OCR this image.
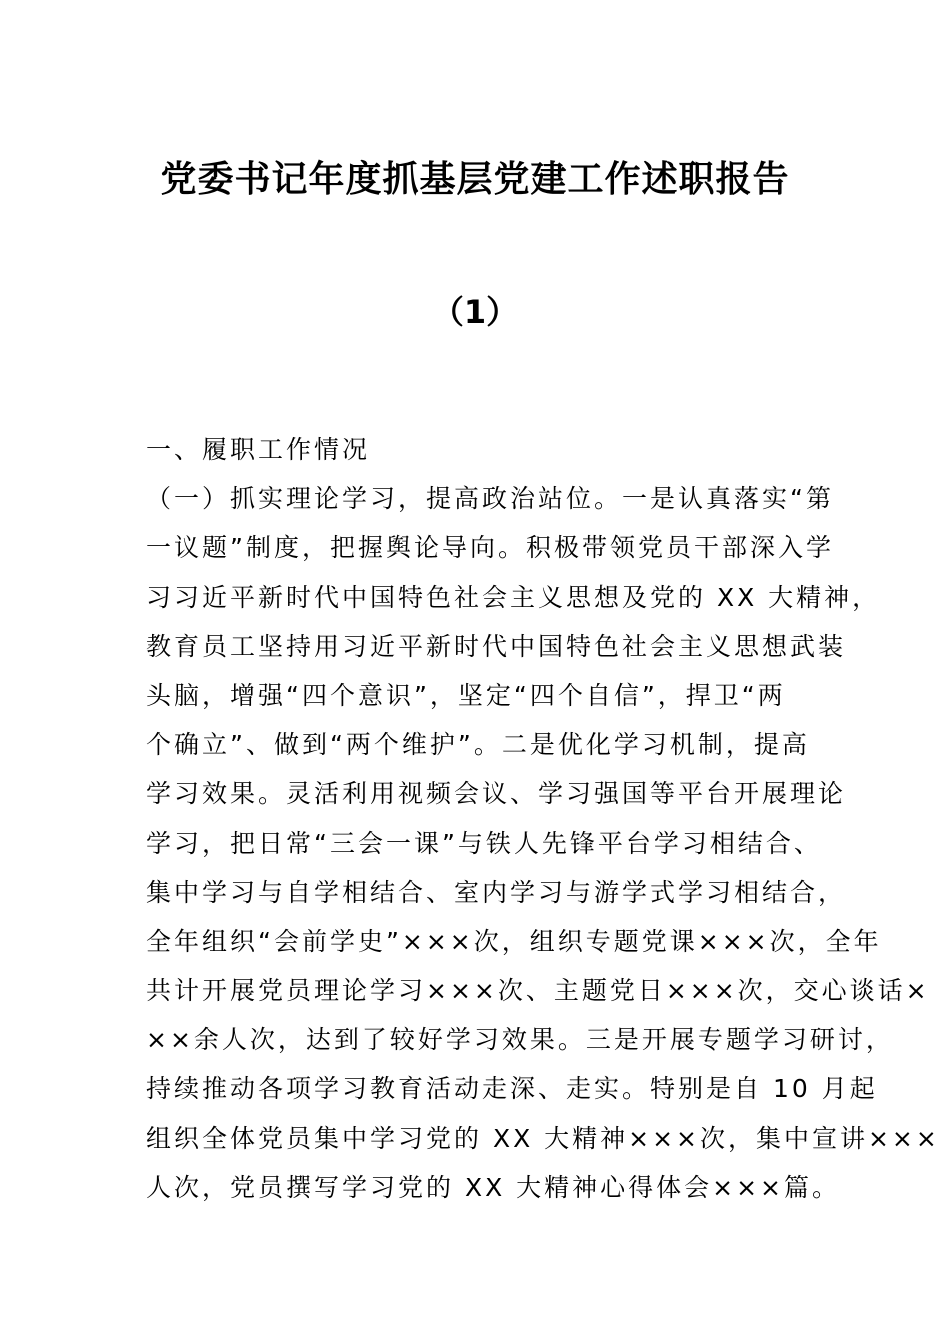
党委书记年度抓基层党建工作述职报告
（1）
一、履职工作情况
（一）抓实理论学习，提高政治站位。一是认真落实“第
一议题”制度，把握舆论导向。积极带领党员干部深入学
习习近平新时代中国特色社会主义思想及党的 XX 大精神，
教育员工坚持用习近平新时代中国特色社会主义思想武装
头脑，增强“四个意识”，坚定“四个自信”，捍卫“两
个确立”、做到“两个维护”。二是优化学习机制，提高
学习效果。灵活利用视频会议、学习强国等平台开展理论
学习，把日常“三会一课”与铁人先锋平台学习相结合、
集中学习与自学相结合、室内学习与游学式学习相结合，
全年组织“会前学史”×××次，组织专题党课×××次，全年
共计开展党员理论学习×××次、主题党日×××次，交心谈话×
××余人次，达到了较好学习效果。三是开展专题学习研讨，
持续推动各项学习教育活动走深、走实。特别是自 10 月起
组织全体党员集中学习党的 XX 大精神×××次，集中宣讲×××
人次，党员撰写学习党的 XX 大精神心得体会×××篇。
